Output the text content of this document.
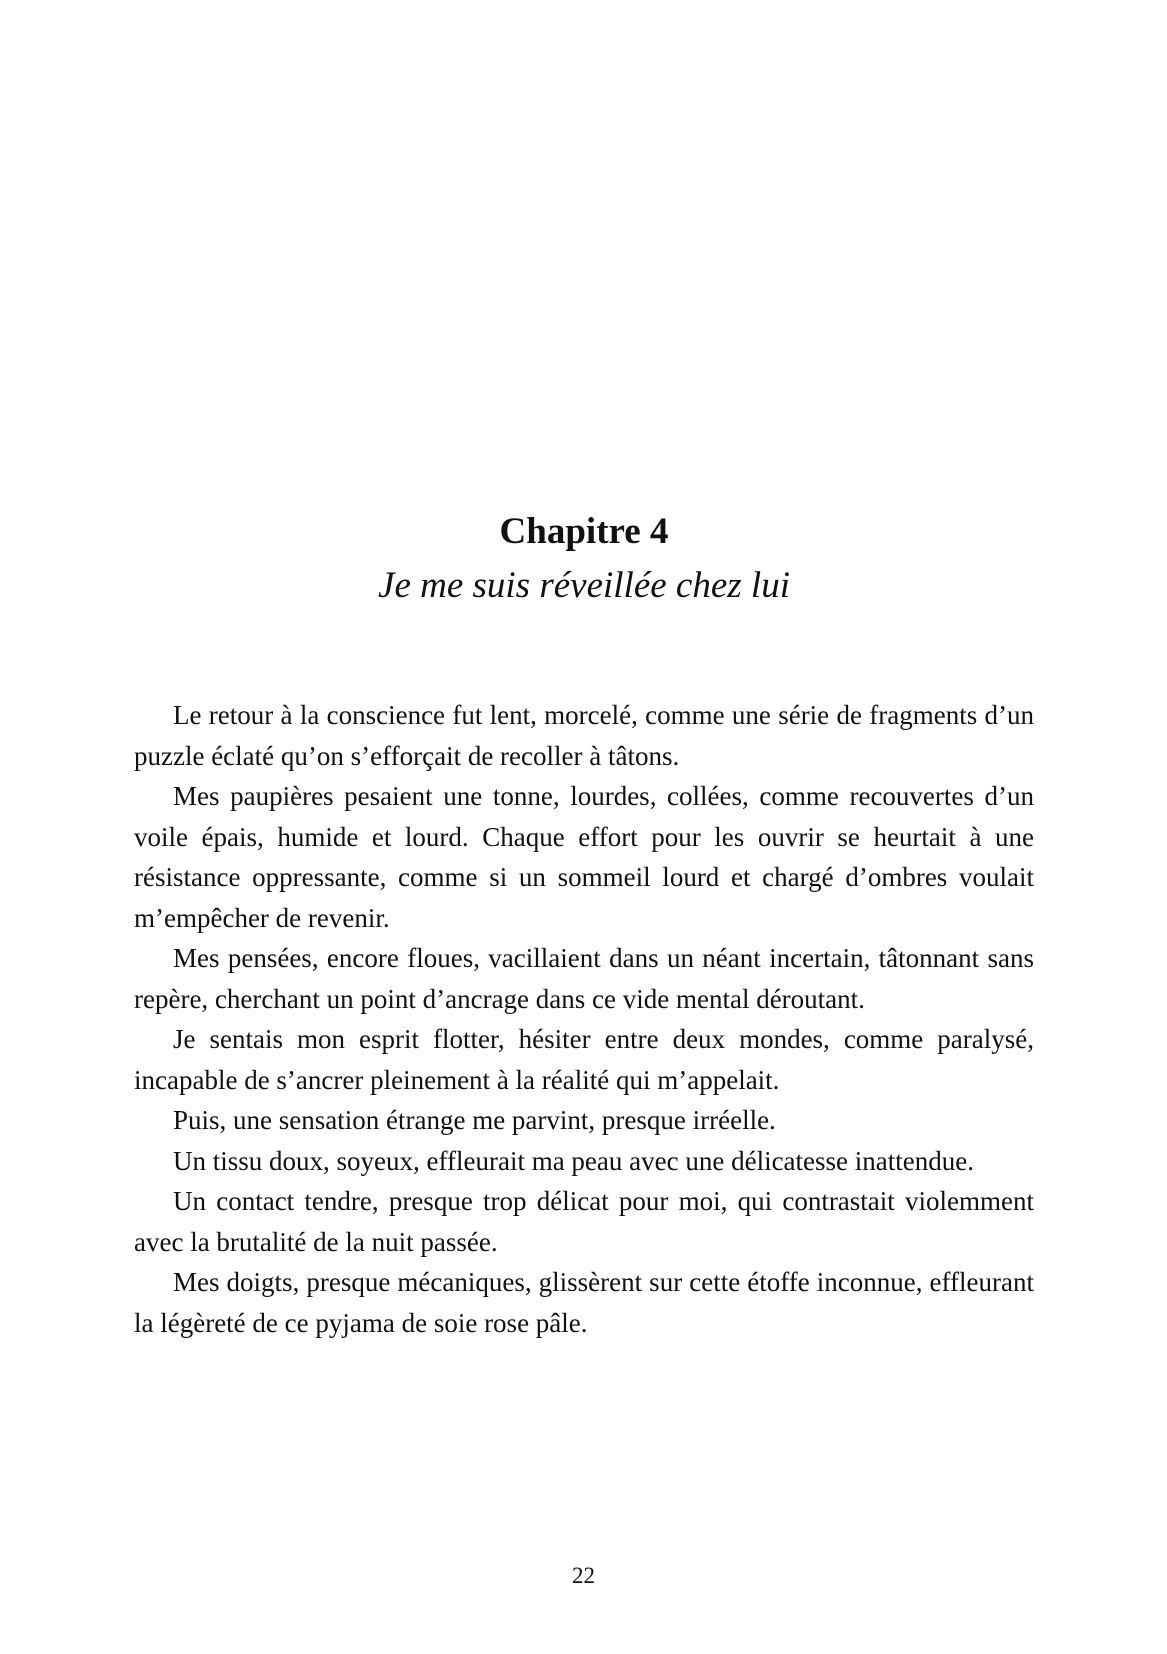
Chapitre 4
Je me suis réveillée chez lui

Le retour à la conscience fut lent, morcelé, comme une série de fragments d’un puzzle éclaté qu’on s’efforçait de recoller à tâtons.

Mes paupières pesaient une tonne, lourdes, collées, comme recouvertes d’un voile épais, humide et lourd. Chaque effort pour les ouvrir se heurtait à une résistance oppressante, comme si un sommeil lourd et chargé d’ombres voulait m’empêcher de revenir.

Mes pensées, encore floues, vacillaient dans un néant incertain, tâtonnant sans repère, cherchant un point d’ancrage dans ce vide mental déroutant.

Je sentais mon esprit flotter, hésiter entre deux mondes, comme paralysé, incapable de s’ancrer pleinement à la réalité qui m’appelait.

Puis, une sensation étrange me parvint, presque irréelle.

Un tissu doux, soyeux, effleurait ma peau avec une délicatesse inattendue.

Un contact tendre, presque trop délicat pour moi, qui contrastait violemment avec la brutalité de la nuit passée.

Mes doigts, presque mécaniques, glissèrent sur cette étoffe inconnue, effleurant la légèreté de ce pyjama de soie rose pâle.

22
